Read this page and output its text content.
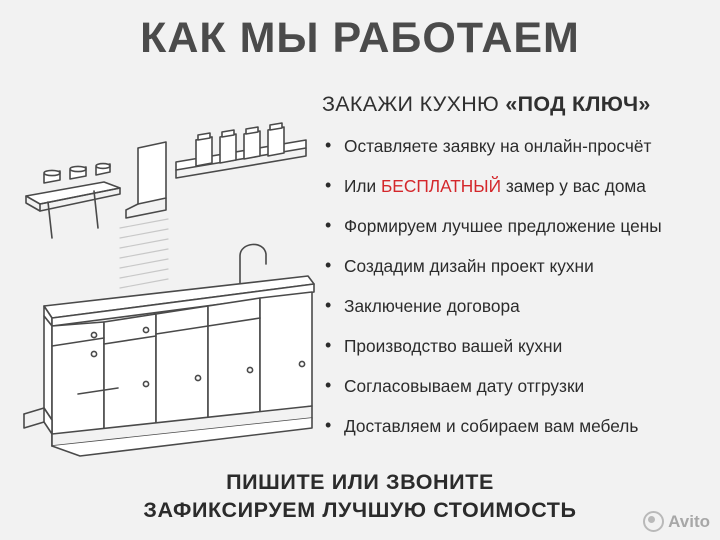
КАК МЫ РАБОТАЕМ
ЗАКАЖИ КУХНЮ «ПОД КЛЮЧ»
• Оставляете заявку на онлайн-просчёт
• Или БЕСПЛАТНЫЙ замер у вас дома
• Формируем лучшее предложение цены
• Создадим дизайн проект кухни
• Заключение договора
• Производство вашей кухни
• Согласовываем дату отгрузки
• Доставляем и собираем вам мебель
ПИШИТЕ ИЛИ ЗВОНИТЕ
ЗАФИКСИРУЕМ ЛУЧШУЮ СТОИМОСТЬ	Avito
